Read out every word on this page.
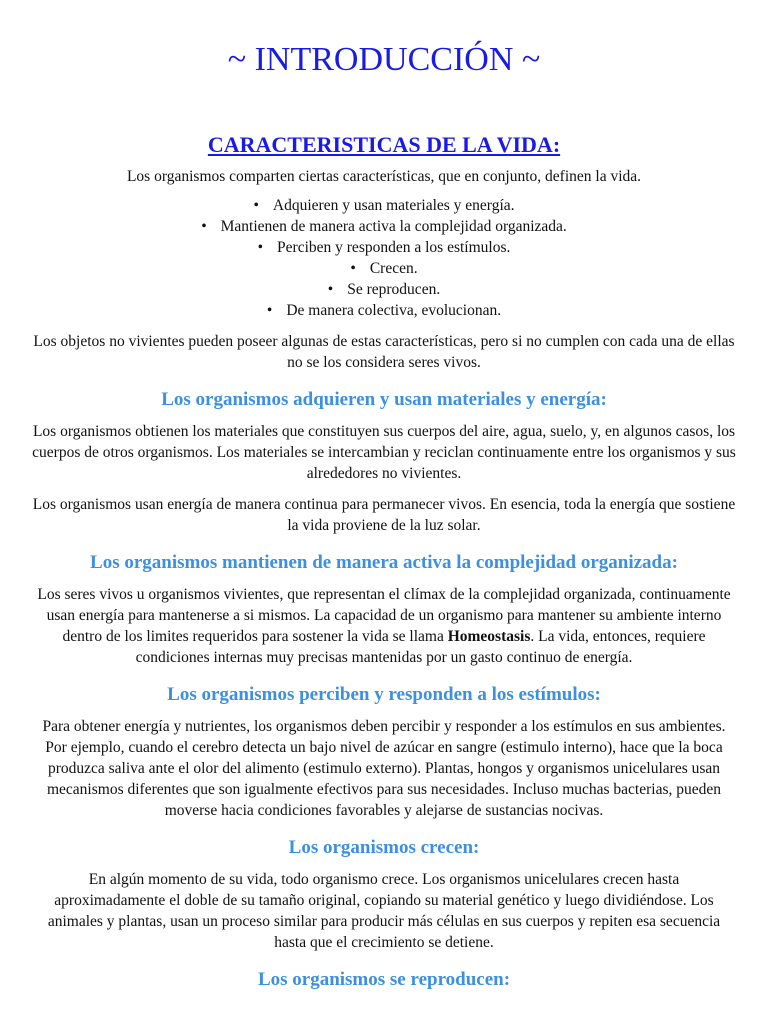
~ INTRODUCCIÓN ~
CARACTERISTICAS DE LA VIDA:

Los organismos comparten ciertas características, que en conjunto, definen la vida.

• Adquieren y usan materiales y energía.
• Mantienen de manera activa la complejidad organizada.
• Perciben y responden a los estímulos.
• Crecen.
• Se reproducen.
• De manera colectiva, evolucionan.

Los objetos no vivientes pueden poseer algunas de estas características, pero si no cumplen con cada una de ellas no se los considera seres vivos.

Los organismos adquieren y usan materiales y energía:

Los organismos obtienen los materiales que constituyen sus cuerpos del aire, agua, suelo, y, en algunos casos, los cuerpos de otros organismos. Los materiales se intercambian y reciclan continuamente entre los organismos y sus alrededores no vivientes.

Los organismos usan energía de manera continua para permanecer vivos. En esencia, toda la energía que sostiene la vida proviene de la luz solar.

Los organismos mantienen de manera activa la complejidad organizada:

Los seres vivos u organismos vivientes, que representan el clímax de la complejidad organizada, continuamente usan energía para mantenerse a si mismos. La capacidad de un organismo para mantener su ambiente interno dentro de los limites requeridos para sostener la vida se llama Homeostasis. La vida, entonces, requiere condiciones internas muy precisas mantenidas por un gasto continuo de energía.

Los organismos perciben y responden a los estímulos:

Para obtener energía y nutrientes, los organismos deben percibir y responder a los estímulos en sus ambientes. Por ejemplo, cuando el cerebro detecta un bajo nivel de azúcar en sangre (estimulo interno), hace que la boca produzca saliva ante el olor del alimento (estimulo externo). Plantas, hongos y organismos unicelulares usan mecanismos diferentes que son igualmente efectivos para sus necesidades. Incluso muchas bacterias, pueden moverse hacia condiciones favorables y alejarse de sustancias nocivas.

Los organismos crecen:

En algún momento de su vida, todo organismo crece. Los organismos unicelulares crecen hasta aproximadamente el doble de su tamaño original, copiando su material genético y luego dividiéndose. Los animales y plantas, usan un proceso similar para producir más células en sus cuerpos y repiten esa secuencia hasta que el crecimiento se detiene.

Los organismos se reproducen:
